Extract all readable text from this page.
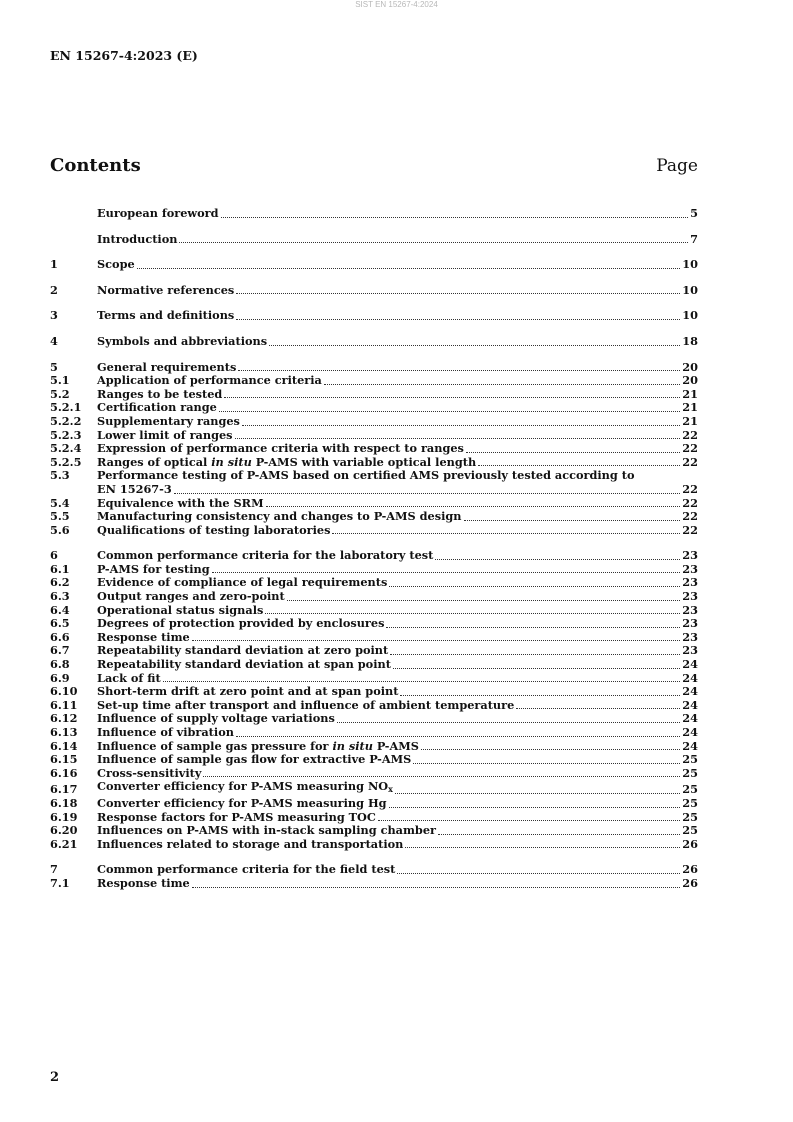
SIST EN 15267-4:2024
EN 15267-4:2023 (E)
Contents	Page
European foreword	5
Introduction	7
1	Scope	10
2	Normative references	10
3	Terms and definitions	10
4	Symbols and abbreviations	18
5	General requirements	20
5.1	Application of performance criteria	20
5.2	Ranges to be tested	21
5.2.1	Certification range	21
5.2.2	Supplementary ranges	21
5.2.3	Lower limit of ranges	22
5.2.4	Expression of performance criteria with respect to ranges	22
5.2.5	Ranges of optical in situ P-AMS with variable optical length	22
5.3	Performance testing of P-AMS based on certified AMS previously tested according to
EN 15267-3	22
5.4	Equivalence with the SRM	22
5.5	Manufacturing consistency and changes to P-AMS design	22
5.6	Qualifications of testing laboratories	22
6	Common performance criteria for the laboratory test	23
6.1	P-AMS for testing	23
6.2	Evidence of compliance of legal requirements	23
6.3	Output ranges and zero-point	23
6.4	Operational status signals	23
6.5	Degrees of protection provided by enclosures	23
6.6	Response time	23
6.7	Repeatability standard deviation at zero point	23
6.8	Repeatability standard deviation at span point	24
6.9	Lack of fit	24
6.10	Short-term drift at zero point and at span point	24
6.11	Set-up time after transport and influence of ambient temperature	24
6.12	Influence of supply voltage variations	24
6.13	Influence of vibration	24
6.14	Influence of sample gas pressure for in situ P-AMS	24
6.15	Influence of sample gas flow for extractive P-AMS	25
6.16	Cross-sensitivity	25
6.17	Converter efficiency for P-AMS measuring $NO_x$	25
6.18	Converter efficiency for P-AMS measuring Hg	25
6.19	Response factors for P-AMS measuring TOC	25
6.20	Influences on P-AMS with in-stack sampling chamber	25
6.21	Influences related to storage and transportation	26
7	Common performance criteria for the field test	26
7.1	Response time	26
2
